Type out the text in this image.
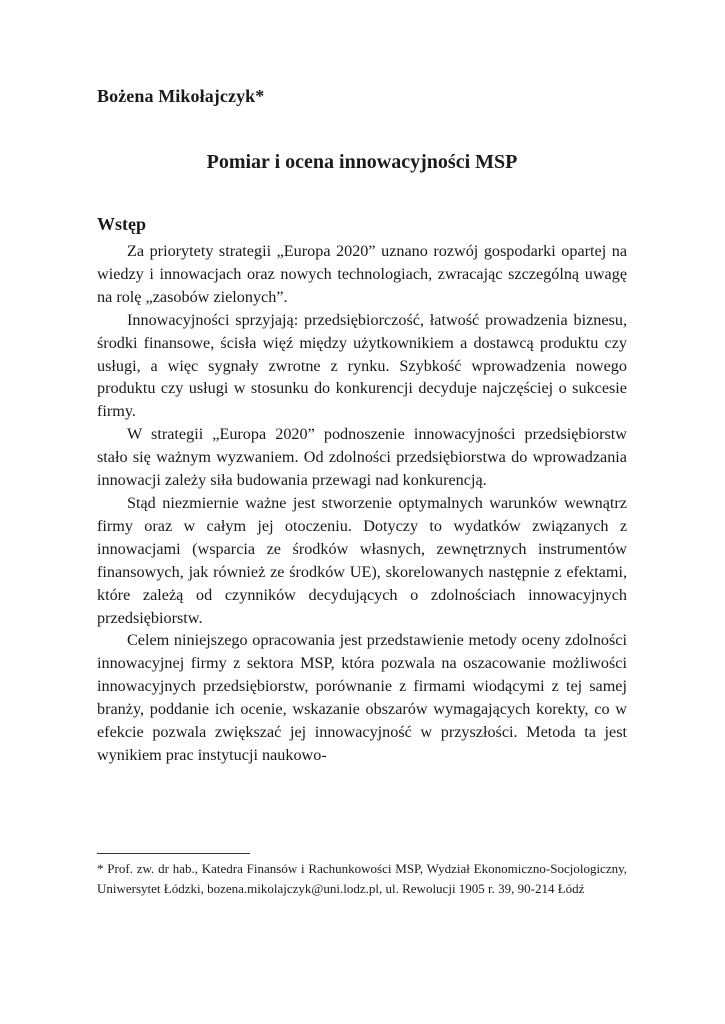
Bożena Mikołajczyk*
Pomiar i ocena innowacyjności MSP
Wstęp

Za priorytety strategii „Europa 2020” uznano rozwój gospodarki opartej na wiedzy i innowacjach oraz nowych technologiach, zwracając szczególną uwagę na rolę „zasobów zielonych”.

Innowacyjności sprzyjają: przedsiębiorczość, łatwość prowadzenia biznesu, środki finansowe, ścisła więź między użytkownikiem a dostawcą produktu czy usługi, a więc sygnały zwrotne z rynku. Szybkość wprowadzenia nowego produktu czy usługi w stosunku do konkurencji decyduje najczęściej o sukcesie firmy.

W strategii „Europa 2020” podnoszenie innowacyjności przedsiębiorstw stało się ważnym wyzwaniem. Od zdolności przedsiębiorstwa do wprowadzania innowacji zależy siła budowania przewagi nad konkurencją.

Stąd niezmiernie ważne jest stworzenie optymalnych warunków wewnątrz firmy oraz w całym jej otoczeniu. Dotyczy to wydatków związanych z innowacjami (wsparcia ze środków własnych, zewnętrznych instrumentów finansowych, jak również ze środków UE), skorelowanych następnie z efektami, które zależą od czynników decydujących o zdolnościach innowacyjnych przedsiębiorstw.

Celem niniejszego opracowania jest przedstawienie metody oceny zdolności innowacyjnej firmy z sektora MSP, która pozwala na oszacowanie możliwości innowacyjnych przedsiębiorstw, porównanie z firmami wiodącymi z tej samej branży, poddanie ich ocenie, wskazanie obszarów wymagających korekty, co w efekcie pozwala zwiększać jej innowacyjność w przyszłości. Metoda ta jest wynikiem prac instytucji naukowo-

* Prof. zw. dr hab., Katedra Finansów i Rachunkowości MSP, Wydział Ekonomiczno-Socjologiczny, Uniwersytet Łódzki, bozena.mikolajczyk@uni.lodz.pl, ul. Rewolucji 1905 r. 39, 90-214 Łódź
